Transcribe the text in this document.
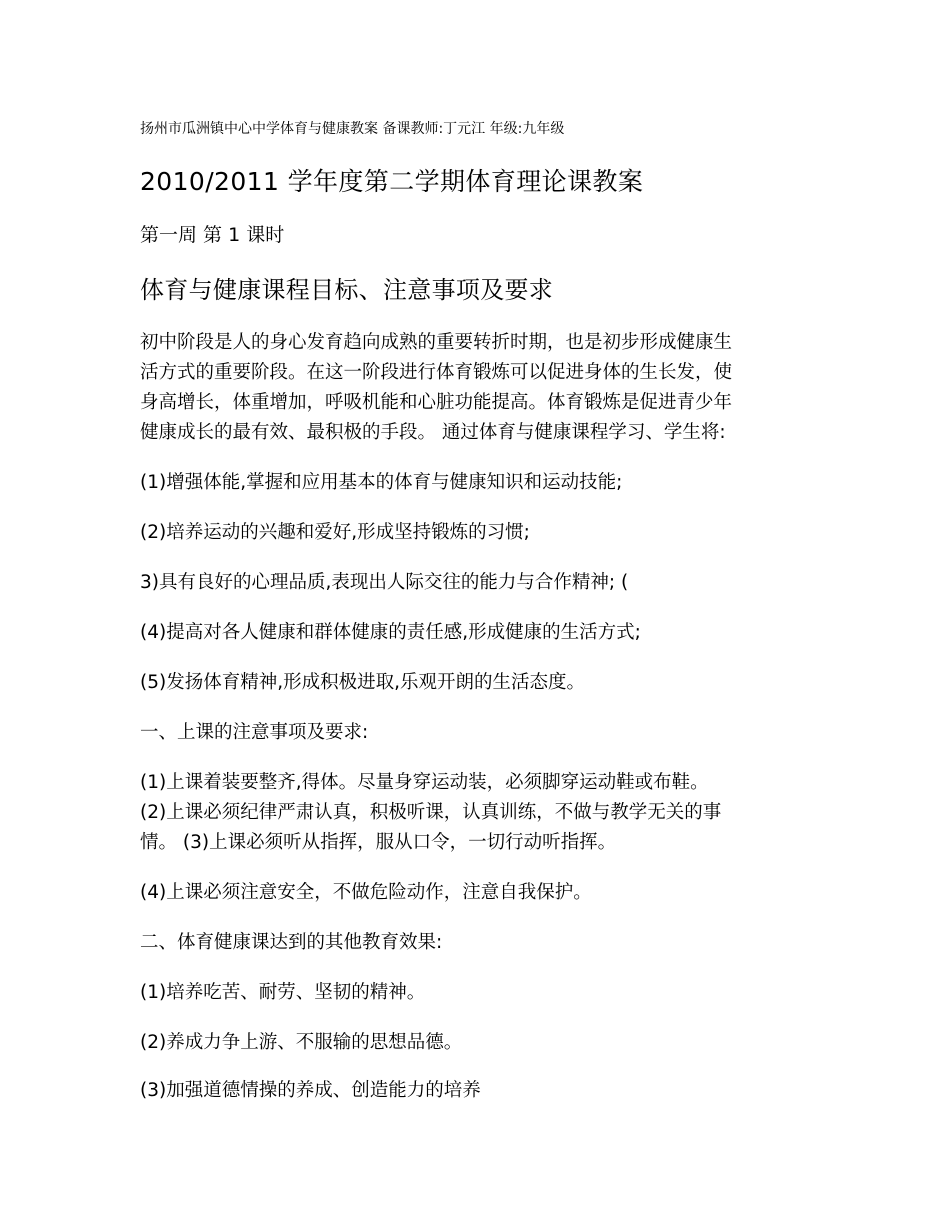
扬州市瓜洲镇中心中学体育与健康教案 备课教师:丁元江 年级:九年级
2010/2011 学年度第二学期体育理论课教案
第一周 第 1 课时
体育与健康课程目标、注意事项及要求
初中阶段是人的身心发育趋向成熟的重要转折时期，也是初步形成健康生
活方式的重要阶段。在这一阶段进行体育锻炼可以促进身体的生长发，使
身高增长，体重增加，呼吸机能和心脏功能提高。体育锻炼是促进青少年
健康成长的最有效、最积极的手段。 通过体育与健康课程学习、学生将:
(1)增强体能,掌握和应用基本的体育与健康知识和运动技能;
(2)培养运动的兴趣和爱好,形成坚持锻炼的习惯;
3)具有良好的心理品质,表现出人际交往的能力与合作精神; (
(4)提高对各人健康和群体健康的责任感,形成健康的生活方式;
(5)发扬体育精神,形成积极进取,乐观开朗的生活态度。
一、上课的注意事项及要求:
(1)上课着装要整齐,得体。尽量身穿运动装，必须脚穿运动鞋或布鞋。
(2)上课必须纪律严肃认真，积极听课，认真训练，不做与教学无关的事
情。 (3)上课必须听从指挥，服从口令，一切行动听指挥。
(4)上课必须注意安全，不做危险动作，注意自我保护。
二、体育健康课达到的其他教育效果:
(1)培养吃苦、耐劳、坚韧的精神。
(2)养成力争上游、不服输的思想品德。
(3)加强道德情操的养成、创造能力的培养
